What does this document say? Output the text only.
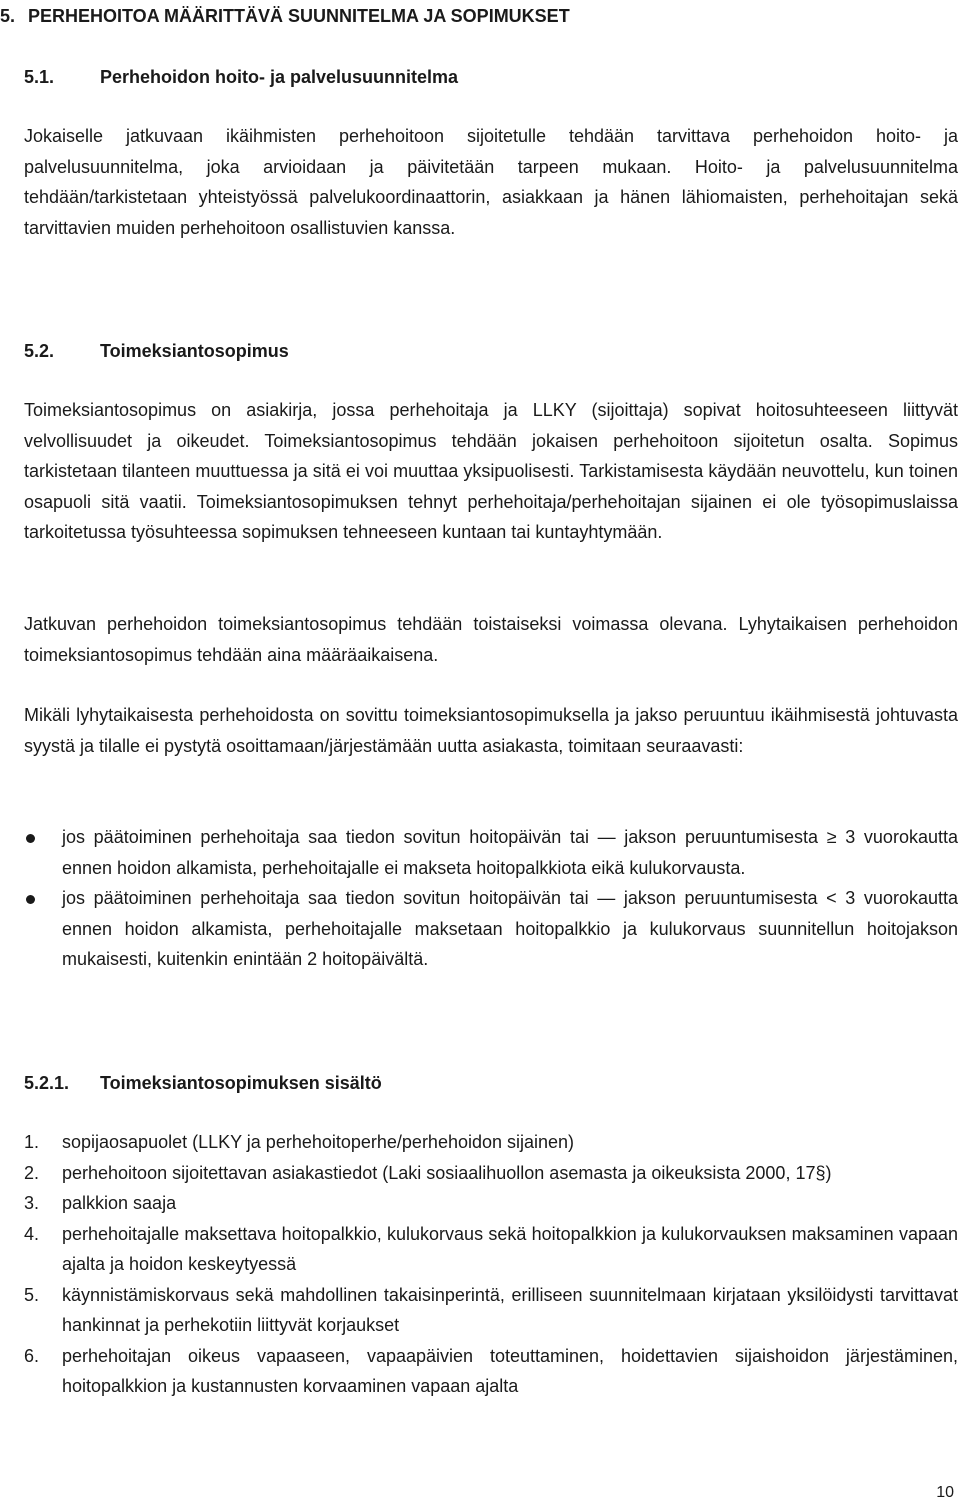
5. PERHEHOITOA MÄÄRITTÄVÄ SUUNNITELMA JA SOPIMUKSET
5.1.	Perhehoidon hoito- ja palvelusuunnitelma

Jokaiselle jatkuvaan ikäihmisten perhehoitoon sijoitetulle tehdään tarvittava perhehoidon hoito- ja palvelusuunnitelma, joka arvioidaan ja päivitetään tarpeen mukaan. Hoito- ja palvelusuunnitelma tehdään/tarkistetaan yhteistyössä palvelukoordinaattorin, asiakkaan ja hänen lähiomaisten, perhehoitajan sekä tarvittavien muiden perhehoitoon osallistuvien kanssa.

5.2.	Toimeksiantosopimus

Toimeksiantosopimus on asiakirja, jossa perhehoitaja ja LLKY (sijoittaja) sopivat hoitosuhteeseen liittyvät velvollisuudet ja oikeudet. Toimeksiantosopimus tehdään jokaisen perhehoitoon sijoitetun osalta. Sopimus tarkistetaan tilanteen muuttuessa ja sitä ei voi muuttaa yksipuolisesti. Tarkistamisesta käydään neuvottelu, kun toinen osapuoli sitä vaatii. Toimeksiantosopimuksen tehnyt perhehoitaja/perhehoitajan sijainen ei ole työsopimuslaissa tarkoitetussa työsuhteessa sopimuksen tehneeseen kuntaan tai kuntayhtymään.

Jatkuvan perhehoidon toimeksiantosopimus tehdään toistaiseksi voimassa olevana. Lyhytaikaisen perhehoidon toimeksiantosopimus tehdään aina määräaikaisena.

Mikäli lyhytaikaisesta perhehoidosta on sovittu toimeksiantosopimuksella ja jakso peruuntuu ikäihmisestä johtuvasta syystä ja tilalle ei pystytä osoittamaan/järjestämään uutta asiakasta, toimitaan seuraavasti:

jos päätoiminen perhehoitaja saa tiedon sovitun hoitopäivän tai — jakson peruuntumisesta ≥ 3 vuorokautta ennen hoidon alkamista, perhehoitajalle ei makseta hoitopalkkiota eikä kulukorvausta.
jos päätoiminen perhehoitaja saa tiedon sovitun hoitopäivän tai — jakson peruuntumisesta < 3 vuorokautta ennen hoidon alkamista, perhehoitajalle maksetaan hoitopalkkio ja kulukorvaus suunnitellun hoitojakson mukaisesti, kuitenkin enintään 2 hoitopäivältä.
5.2.1. Toimeksiantosopimuksen sisältö
1. sopijaosapuolet (LLKY ja perhehoitoperhe/perhehoidon sijainen)
2. perhehoitoon sijoitettavan asiakastiedot (Laki sosiaalihuollon asemasta ja oikeuksista 2000, 17§)
3. palkkion saaja
4. perhehoitajalle maksettava hoitopalkkio, kulukorvaus sekä hoitopalkkion ja kulukorvauksen maksaminen vapaan ajalta ja hoidon keskeytyessä
5. käynnistämiskorvaus sekä mahdollinen takaisinperintä, erilliseen suunnitelmaan kirjataan yksilöidysti tarvittavat hankinnat ja perhekotiin liittyvät korjaukset
6. perhehoitajan oikeus vapaaseen, vapaapäivien toteuttaminen, hoidettavien sijaishoidon järjestäminen, hoitopalkkion ja kustannusten korvaaminen vapaan ajalta
10
